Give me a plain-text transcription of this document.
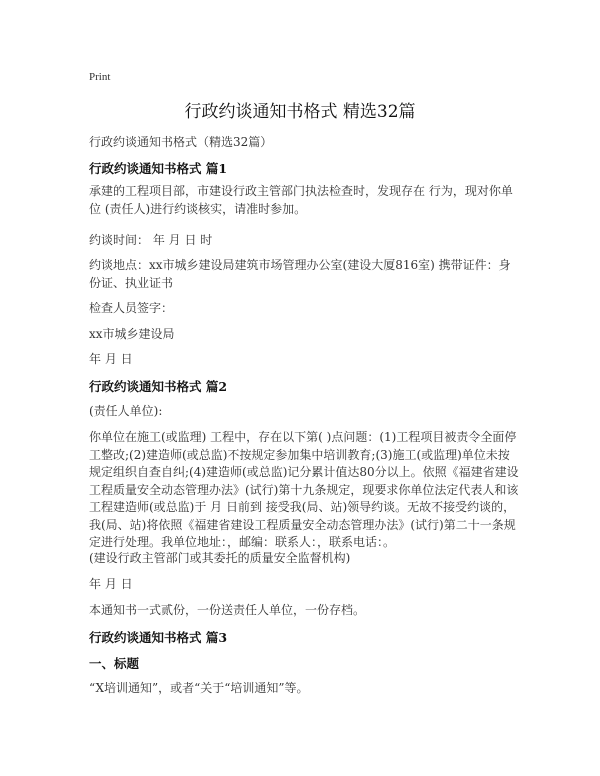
Print
行政约谈通知书格式 精选32篇
行政约谈通知书格式（精选32篇）
行政约谈通知书格式 篇1
承建的工程项目部，市建设行政主管部门执法检查时，发现存在 行为，现对你单位 (责任人)进行约谈核实，请准时参加。
约谈时间： 年 月 日 时
约谈地点：xx市城乡建设局建筑市场管理办公室(建设大厦816室) 携带证件：身份证、执业证书
检查人员签字：
xx市城乡建设局
年 月 日
行政约谈通知书格式 篇2
(责任人单位):
你单位在施工(或监理) 工程中，存在以下第( )点问题：(1)工程项目被责令全面停工整改;(2)建造师(或总监)不按规定参加集中培训教育;(3)施工(或监理)单位未按规定组织自查自纠;(4)建造师(或总监)记分累计值达80分以上。依照《福建省建设工程质量安全动态管理办法》(试行)第十九条规定，现要求你单位法定代表人和该工程建造师(或总监)于 月 日前到 接受我(局、站)领导约谈。无故不接受约谈的，我(局、站)将依照《福建省建设工程质量安全动态管理办法》(试行)第二十一条规定进行处理。我单位地址：，邮编：联系人：，联系电话：。
(建设行政主管部门或其委托的质量安全监督机构)
年 月 日
本通知书一式贰份，一份送责任人单位，一份存档。
行政约谈通知书格式 篇3
一、标题
“X培训通知”，或者“关于“培训通知”等。
